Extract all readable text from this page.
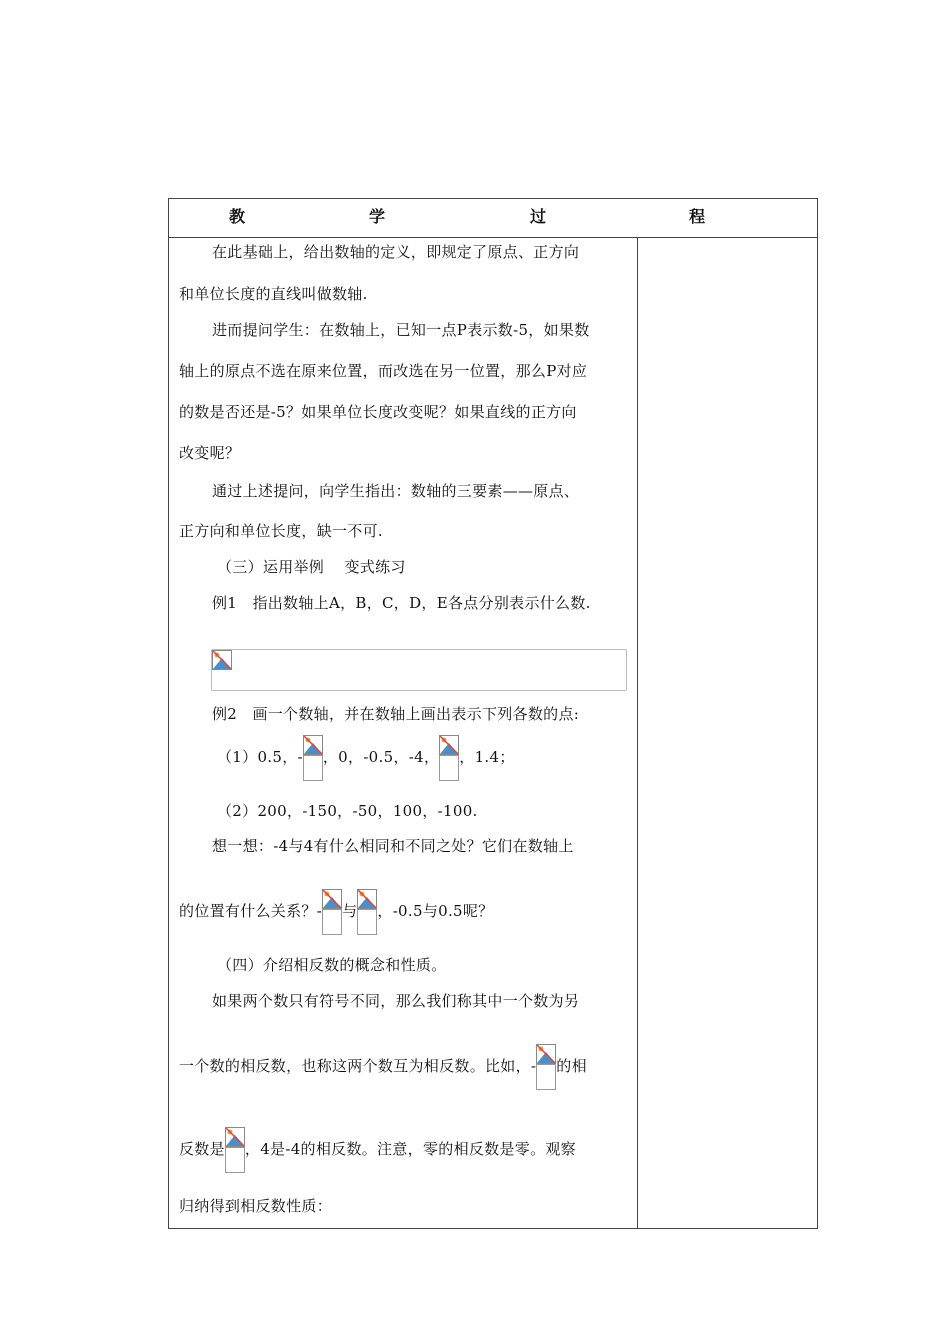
教	学	过	程
在此基础上，给出数轴的定义，即规定了原点、正方向
和单位长度的直线叫做数轴.
进而提问学生：在数轴上，已知一点P表示数-5，如果数
轴上的原点不选在原来位置，而改选在另一位置，那么P对应
的数是否还是-5？如果单位长度改变呢？如果直线的正方向
改变呢？
通过上述提问，向学生指出：数轴的三要素——原点、
正方向和单位长度，缺一不可.
（三）运用举例　 变式练习
例1　指出数轴上A，B，C，D，E各点分别表示什么数.
例2　画一个数轴，并在数轴上画出表示下列各数的点:
（1）0.5，- ，0，-0.5，-4， ，1.4；
（2）200，-150，-50，100，-100.
想一想：-4与4有什么相同和不同之处？它们在数轴上
的位置有什么关系？- 与 ，-0.5与0.5呢？
（四）介绍相反数的概念和性质。
如果两个数只有符号不同，那么我们称其中一个数为另
一个数的相反数，也称这两个数互为相反数。比如，- 的相
反数是 ，4是-4的相反数。注意，零的相反数是零。观察
归纳得到相反数性质：
